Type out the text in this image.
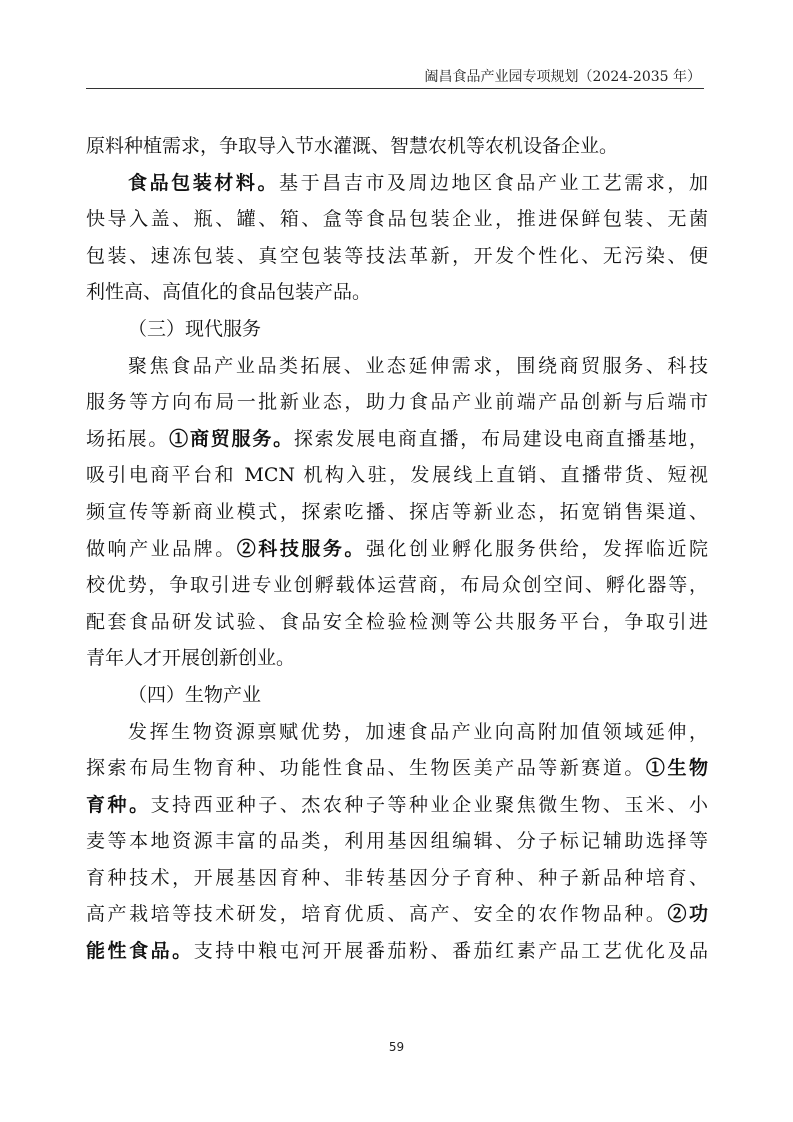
阖昌食品产业园专项规划（2024-2035 年）
原料种植需求，争取导入节水灌溉、智慧农机等农机设备企业。
食品包装材料。基于昌吉市及周边地区食品产业工艺需求，加
快导入盖、瓶、罐、箱、盒等食品包装企业，推进保鲜包装、无菌
包装、速冻包装、真空包装等技法革新，开发个性化、无污染、便
利性高、高值化的食品包装产品。
（三）现代服务
聚焦食品产业品类拓展、业态延伸需求，围绕商贸服务、科技
服务等方向布局一批新业态，助力食品产业前端产品创新与后端市
场拓展。①商贸服务。探索发展电商直播，布局建设电商直播基地，
吸引电商平台和 MCN 机构入驻，发展线上直销、直播带货、短视
频宣传等新商业模式，探索吃播、探店等新业态，拓宽销售渠道、
做响产业品牌。②科技服务。强化创业孵化服务供给，发挥临近院
校优势，争取引进专业创孵载体运营商，布局众创空间、孵化器等，
配套食品研发试验、食品安全检验检测等公共服务平台，争取引进
青年人才开展创新创业。
（四）生物产业
发挥生物资源禀赋优势，加速食品产业向高附加值领域延伸，
探索布局生物育种、功能性食品、生物医美产品等新赛道。①生物
育种。支持西亚种子、杰农种子等种业企业聚焦微生物、玉米、小
麦等本地资源丰富的品类，利用基因组编辑、分子标记辅助选择等
育种技术，开展基因育种、非转基因分子育种、种子新品种培育、
高产栽培等技术研发，培育优质、高产、安全的农作物品种。②功
能性食品。支持中粮屯河开展番茄粉、番茄红素产品工艺优化及品
59
